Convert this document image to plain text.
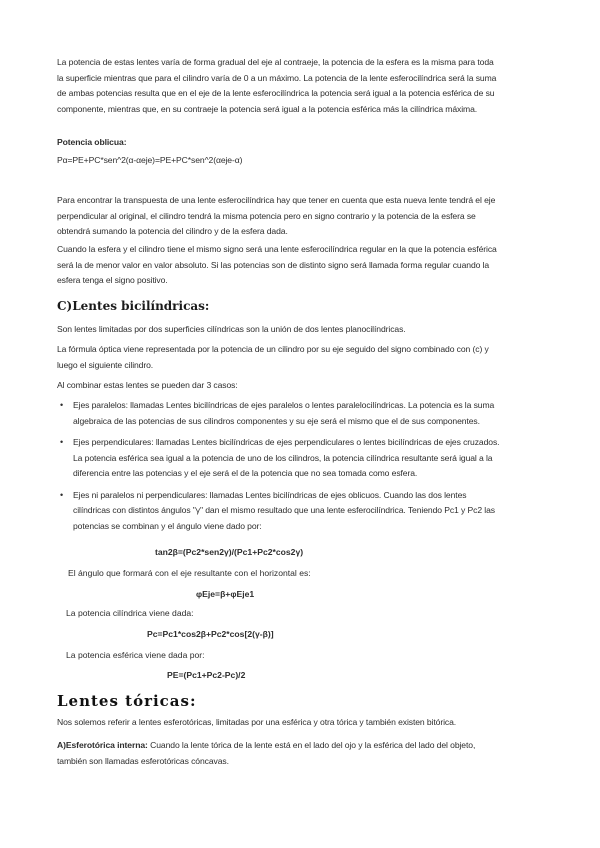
La potencia de estas lentes varía de forma gradual del eje al contraeje, la potencia de la esfera es la misma para toda la superficie mientras que para el cilindro varía de 0 a un máximo. La potencia de la lente esferocilíndrica será la suma de ambas potencias resulta que en el eje de la lente esferocilíndrica la potencia será igual a la potencia esférica de su componente, mientras que, en su contraeje la potencia será igual a la potencia esférica más la cilíndrica máxima.
Potencia oblicua:
Pα=PE+PC*sen^2(α-αeje)=PE+PC*sen^2(αeje-α)
Para encontrar la transpuesta de una lente esferocilíndrica hay que tener en cuenta que esta nueva lente tendrá el eje perpendicular al original, el cilindro tendrá la misma potencia pero en signo contrario y la potencia de la esfera se obtendrá sumando la potencia del cilindro y de la esfera dada.
Cuando la esfera y el cilindro tiene el mismo signo será una lente esferocilíndrica regular en la que la potencia esférica será la de menor valor en valor absoluto. Si las potencias son de distinto signo será llamada forma regular cuando la esfera tenga el signo positivo.
C)Lentes bicilíndricas:
Son lentes limitadas por dos superficies cilíndricas son la unión de dos lentes planocilíndricas.
La fórmula óptica viene representada por la potencia de un cilindro por su eje seguido del signo combinado con (c) y luego el siguiente cilindro.
Al combinar estas lentes se pueden dar 3 casos:
• Ejes paralelos: llamadas Lentes bicilíndricas de ejes paralelos o lentes paralelocilíndricas. La potencia es la suma algebraica de las potencias de sus cilindros componentes y su eje será el mismo que el de sus componentes.
• Ejes perpendiculares: llamadas Lentes bicilíndricas de ejes perpendiculares o lentes bicilíndricas de ejes cruzados. La potencia esférica sea igual a la potencia de uno de los cilindros, la potencia cilíndrica resultante será igual a la diferencia entre las potencias y el eje será el de la potencia que no sea tomada como esfera.
• Ejes ni paralelos ni perpendiculares: llamadas Lentes bicilíndricas de ejes oblicuos. Cuando las dos lentes cilíndricas con distintos ángulos "γ" dan el mismo resultado que una lente esferocilíndrica. Teniendo Pc1 y Pc2 las potencias se combinan y el ángulo viene dado por:
tan2β=(Pc2*sen2γ)/(Pc1+Pc2*cos2γ)
El ángulo que formará con el eje resultante con el horizontal es:
φEje=β+φEje1
La potencia cilíndrica viene dada:
Pc=Pc1*cos2β+Pc2*cos[2(γ-β)]
La potencia esférica viene dada por:
PE=(Pc1+Pc2-Pc)/2
Lentes tóricas:
Nos solemos referir a lentes esferotóricas, limitadas por una esférica y otra tórica y también existen bitórica.
A)Esferotórica interna: Cuando la lente tórica de la lente está en el lado del ojo y la esférica del lado del objeto, también son llamadas esferotóricas cóncavas.
